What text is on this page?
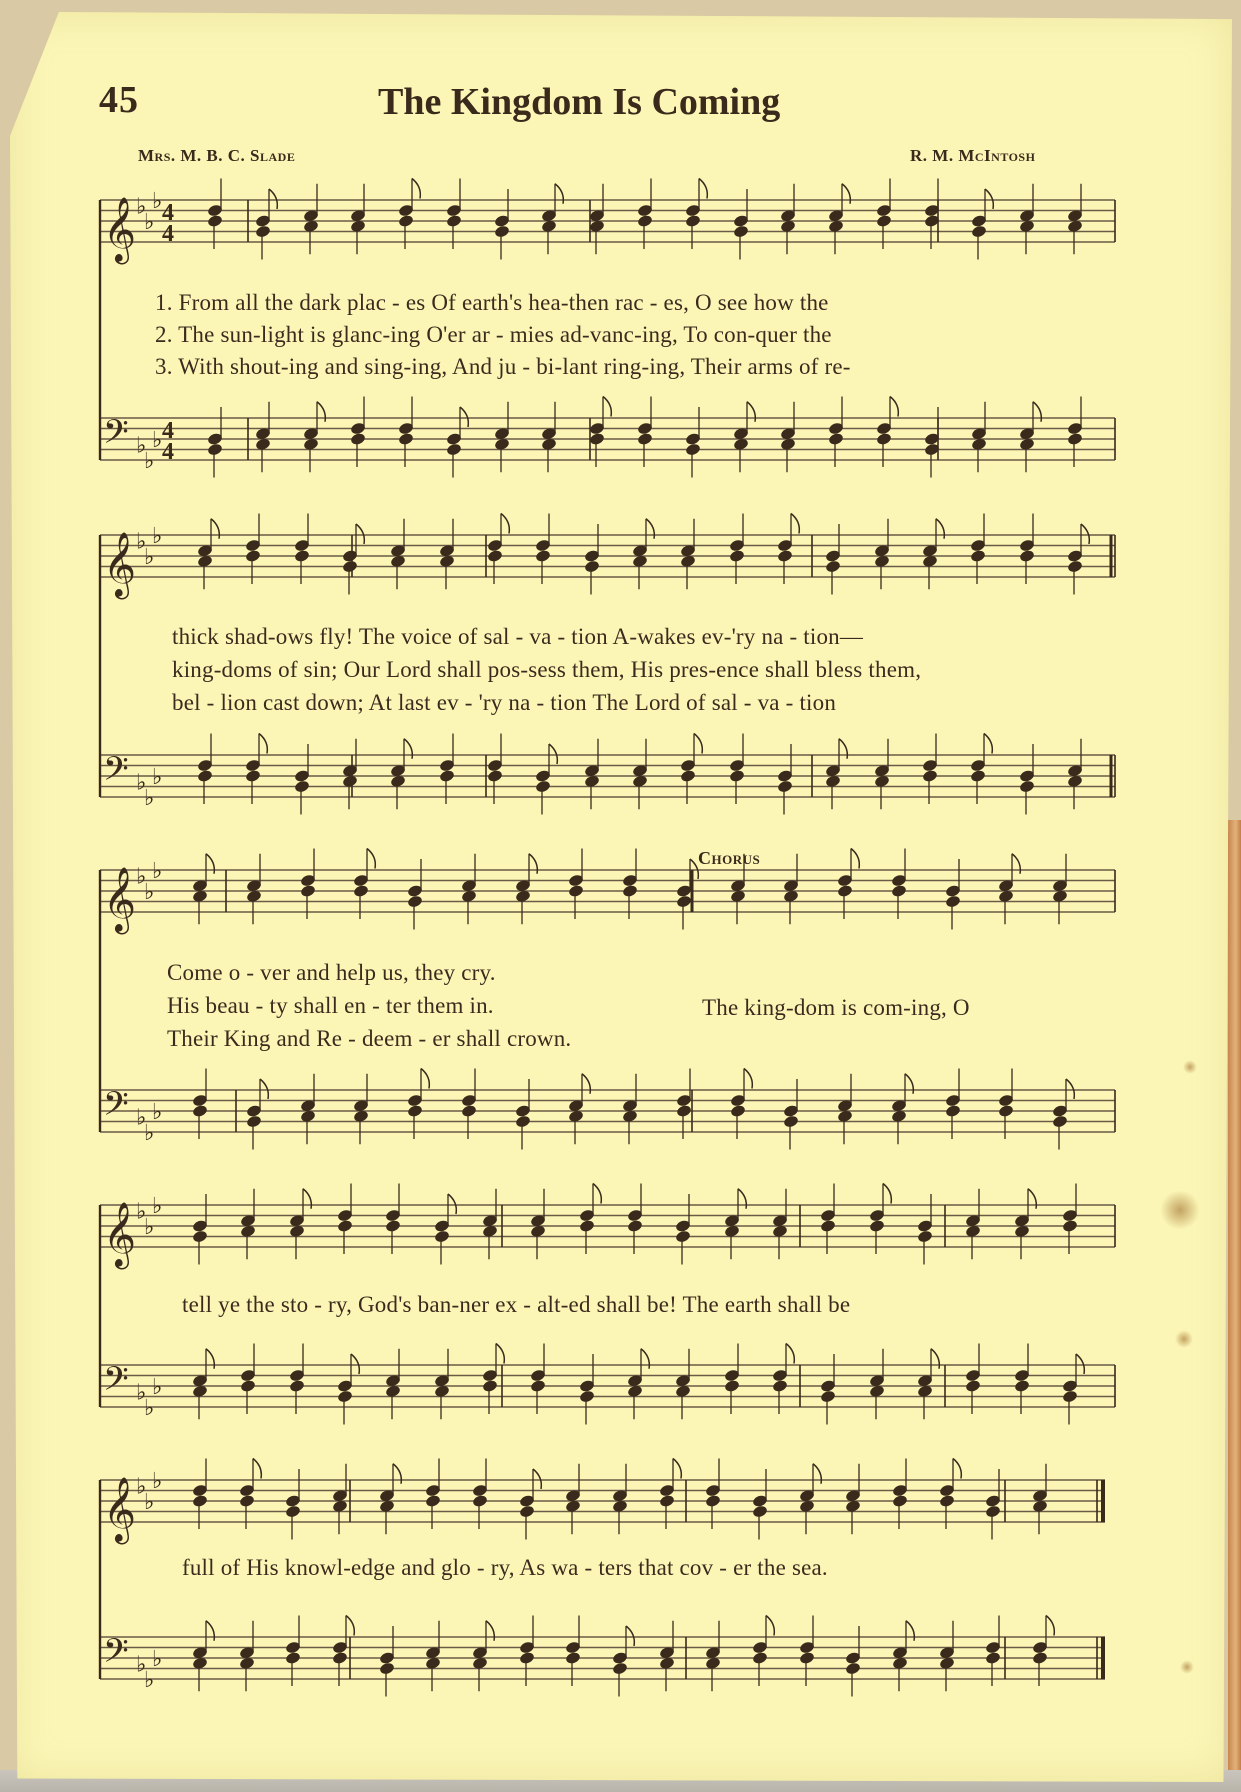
45	The Kingdom Is Coming
Mrs. M. B. C. Slade	R. M. McIntosh
𝄞 ♭
♭
♭ 4
4
𝄢 ♭
♭
♭ 4
4
𝄞 ♭
♭
♭
𝄢 ♭
♭
♭
𝄞 ♭
♭
♭
𝄢 ♭
♭
♭
𝄞 ♭
♭
♭
𝄢 ♭
♭
♭
𝄞 ♭
♭
♭
𝄢 ♭
♭
♭
1. From all the dark plac - es Of earth's hea-then rac - es, O see how the
2. The sun-light is glanc-ing O'er ar - mies ad-vanc-ing, To con-quer the
3. With shout-ing and sing-ing, And ju - bi-lant ring-ing, Their arms of re-
thick shad-ows fly! The voice of sal - va - tion A-wakes ev-'ry na - tion—
king-doms of sin; Our Lord shall pos-sess them, His pres-ence shall bless them,
bel - lion cast down; At last ev - 'ry na - tion The Lord of sal - va - tion
Chorus
Come o - ver and help us, they cry.
His beau - ty shall en - ter them in.
Their King and Re - deem - er shall crown.
The king-dom is com-ing, O
tell ye the sto - ry, God's ban-ner ex - alt-ed shall be! The earth shall be
full of His knowl-edge and glo - ry, As wa - ters that cov - er the sea.
